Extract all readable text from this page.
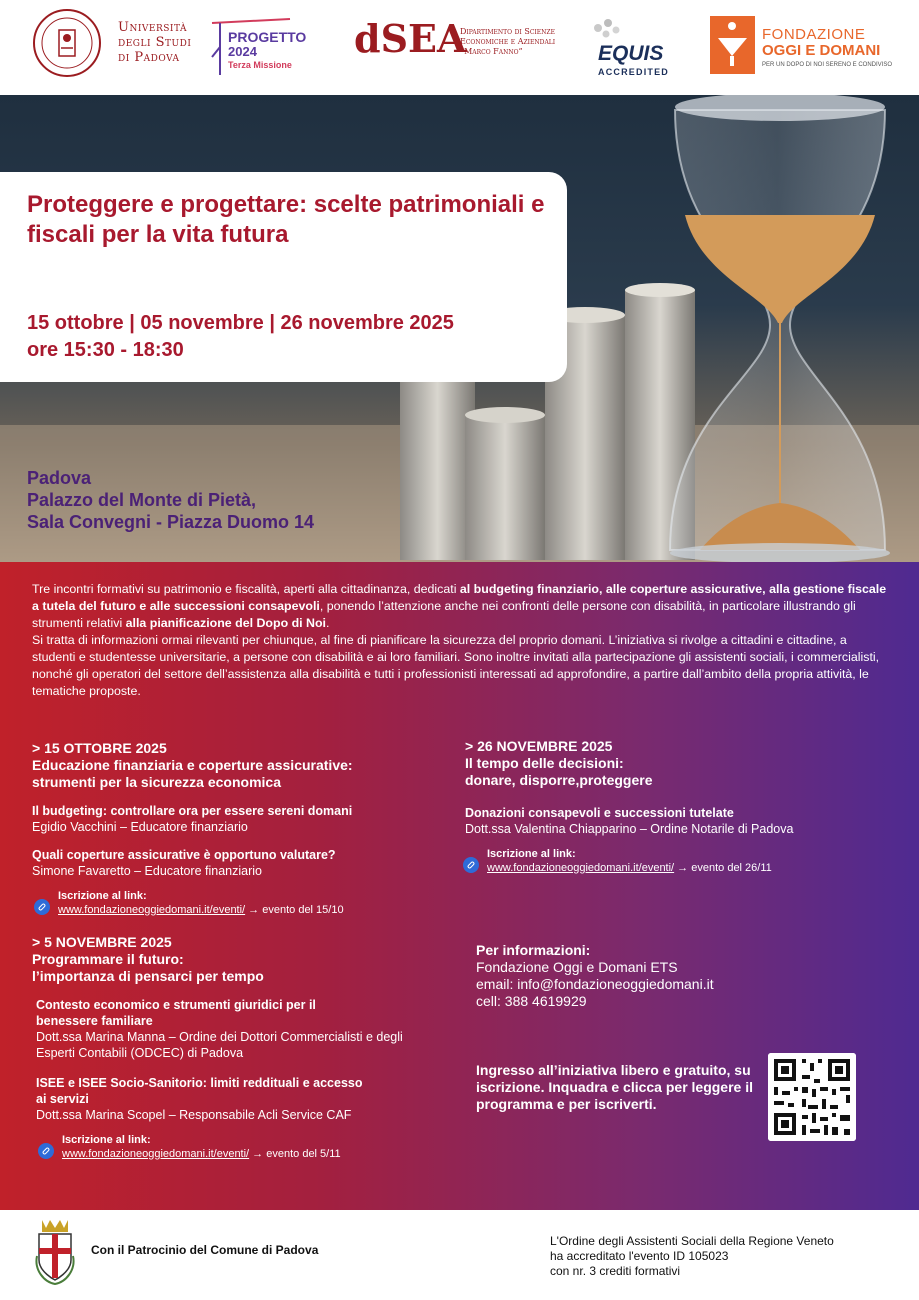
Università
degli Studi
di Padova
PROGETTO
2024
Terza Missione
dSEA
Dipartimento di Scienze
Economiche e Aziendali
“Marco Fanno”	EQUIS
ACCREDITED
FONDAZIONE
OGGI E DOMANI
PER UN DOPO DI NOI SERENO E CONDIVISO
Proteggere e progettare: scelte patrimoniali e fiscali per la vita futura
15 ottobre | 05 novembre | 26 novembre 2025
ore 15:30 - 18:30
Padova
Palazzo del Monte di Pietà,
Sala Convegni - Piazza Duomo 14

Tre incontri formativi su patrimonio e fiscalità, aperti alla cittadinanza, dedicati al budgeting finanziario, alle coperture assicurative, alla gestione fiscale a tutela del futuro e alle successioni consapevoli, ponendo l’attenzione anche nei confronti delle persone con disabilità, in particolare illustrando gli strumenti relativi alla pianificazione del Dopo di Noi.
Si tratta di informazioni ormai rilevanti per chiunque, al fine di pianificare la sicurezza del proprio domani. L’iniziativa si rivolge a cittadini e cittadine, a studenti e studentesse universitarie, a persone con disabilità e ai loro familiari. Sono inoltre invitati alla partecipazione gli assistenti sociali, i commercialisti, nonché gli operatori del settore dell’assistenza alla disabilità e tutti i professionisti interessati ad approfondire, a partire dall’ambito della propria attività, le tematiche proposte.

> 15 OTTOBRE 2025
Educazione finanziaria e coperture assicurative:
strumenti per la sicurezza economica
Il budgeting: controllare ora per essere sereni domani
Egidio Vacchini – Educatore finanziario
Quali coperture assicurative è opportuno valutare?
Simone Favaretto – Educatore finanziario
Iscrizione al link:
www.fondazioneoggiedomani.it/eventi/ → evento del 15/10
> 5 NOVEMBRE 2025
Programmare il futuro:
l’importanza di pensarci per tempo
Contesto economico e strumenti giuridici per il benessere familiare
Dott.ssa Marina Manna – Ordine dei Dottori Commercialisti e degli Esperti Contabili (ODCEC) di Padova
ISEE e ISEE Socio-Sanitorio: limiti reddituali e accesso ai servizi
Dott.ssa Marina Scopel – Responsabile Acli Service CAF
Iscrizione al link:
www.fondazioneoggiedomani.it/eventi/ → evento del 5/11
> 26 NOVEMBRE 2025
Il tempo delle decisioni:
donare, disporre,proteggere
Donazioni consapevoli e successioni tutelate
Dott.ssa Valentina Chiapparino – Ordine Notarile di Padova
Iscrizione al link:
www.fondazioneoggiedomani.it/eventi/ → evento del 26/11
Per informazioni:
Fondazione Oggi e Domani ETS
email: info@fondazioneoggiedomani.it
cell: 388 4619929

Ingresso all’iniziativa libero e gratuito, su iscrizione. Inquadra e clicca per leggere il programma e per iscriverti.

Con il Patrocinio del Comune di Padova
L'Ordine degli Assistenti Sociali della Regione Veneto
ha accreditato l'evento ID 105023
con nr. 3 crediti formativi
